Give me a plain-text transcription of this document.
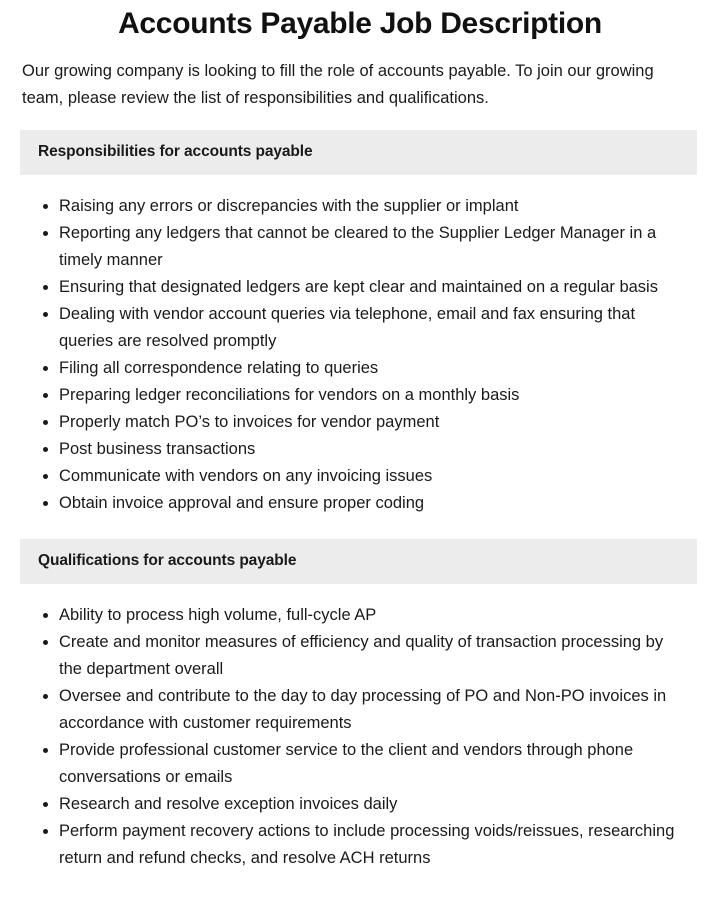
Accounts Payable Job Description

Our growing company is looking to fill the role of accounts payable. To join our growing team, please review the list of responsibilities and qualifications.

Responsibilities for accounts payable
Raising any errors or discrepancies with the supplier or implant
Reporting any ledgers that cannot be cleared to the Supplier Ledger Manager in a timely manner
Ensuring that designated ledgers are kept clear and maintained on a regular basis
Dealing with vendor account queries via telephone, email and fax ensuring that queries are resolved promptly
Filing all correspondence relating to queries
Preparing ledger reconciliations for vendors on a monthly basis
Properly match PO’s to invoices for vendor payment
Post business transactions
Communicate with vendors on any invoicing issues
Obtain invoice approval and ensure proper coding
Qualifications for accounts payable
Ability to process high volume, full-cycle AP
Create and monitor measures of efficiency and quality of transaction processing by the department overall
Oversee and contribute to the day to day processing of PO and Non-PO invoices in accordance with customer requirements
Provide professional customer service to the client and vendors through phone conversations or emails
Research and resolve exception invoices daily
Perform payment recovery actions to include processing voids/reissues, researching return and refund checks, and resolve ACH returns
